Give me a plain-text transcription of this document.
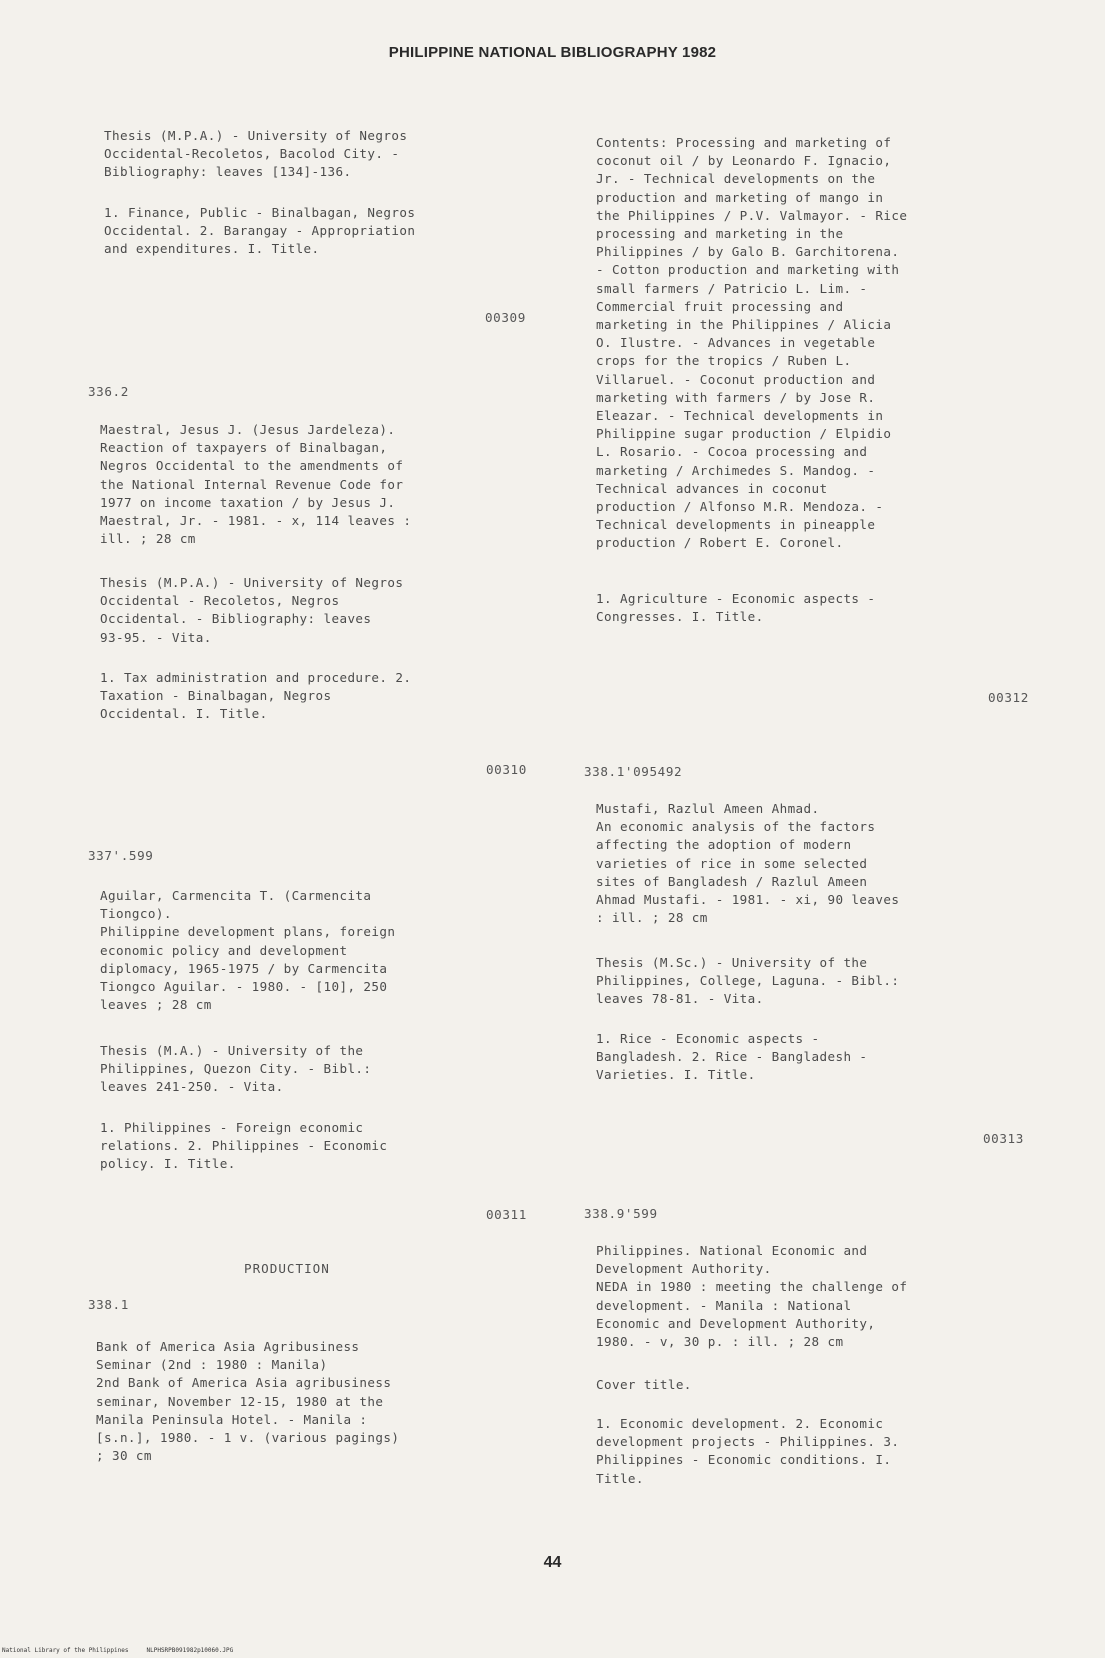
PHILIPPINE NATIONAL BIBLIOGRAPHY 1982
Thesis (M.P.A.) - University of Negros
Occidental-Recoletos, Bacolod City. -
Bibliography: leaves [134]-136.
1. Finance, Public - Binalbagan, Negros
Occidental. 2. Barangay - Appropriation
and expenditures. I. Title.
00309
336.2
Maestral, Jesus J. (Jesus Jardeleza).
Reaction of taxpayers of Binalbagan,
Negros Occidental to the amendments of
the National Internal Revenue Code for
1977 on income taxation / by Jesus J.
Maestral, Jr. - 1981. - x, 114 leaves :
ill. ; 28 cm
Thesis (M.P.A.) - University of Negros
Occidental - Recoletos, Negros
Occidental. - Bibliography: leaves
93-95. - Vita.
1. Tax administration and procedure. 2.
Taxation - Binalbagan, Negros
Occidental. I. Title.
00310
337'.599
Aguilar, Carmencita T. (Carmencita
Tiongco).
Philippine development plans, foreign
economic policy and development
diplomacy, 1965-1975 / by Carmencita
Tiongco Aguilar. - 1980. - [10], 250
leaves ; 28 cm
Thesis (M.A.) - University of the
Philippines, Quezon City. - Bibl.:
leaves 241-250. - Vita.
1. Philippines - Foreign economic
relations. 2. Philippines - Economic
policy. I. Title.
00311
PRODUCTION
338.1
Bank of America Asia Agribusiness
Seminar (2nd : 1980 : Manila)
2nd Bank of America Asia agribusiness
seminar, November 12-15, 1980 at the
Manila Peninsula Hotel. - Manila :
[s.n.], 1980. - 1 v. (various pagings)
; 30 cm
Contents: Processing and marketing of
coconut oil / by Leonardo F. Ignacio,
Jr. - Technical developments on the
production and marketing of mango in
the Philippines / P.V. Valmayor. - Rice
processing and marketing in the
Philippines / by Galo B. Garchitorena.
- Cotton production and marketing with
small farmers / Patricio L. Lim. -
Commercial fruit processing and
marketing in the Philippines / Alicia
O. Ilustre. - Advances in vegetable
crops for the tropics / Ruben L.
Villaruel. - Coconut production and
marketing with farmers / by Jose R.
Eleazar. - Technical developments in
Philippine sugar production / Elpidio
L. Rosario. - Cocoa processing and
marketing / Archimedes S. Mandog. -
Technical advances in coconut
production / Alfonso M.R. Mendoza. -
Technical developments in pineapple
production / Robert E. Coronel.
1. Agriculture - Economic aspects -
Congresses. I. Title.
00312
338.1'095492
Mustafi, Razlul Ameen Ahmad.
An economic analysis of the factors
affecting the adoption of modern
varieties of rice in some selected
sites of Bangladesh / Razlul Ameen
Ahmad Mustafi. - 1981. - xi, 90 leaves
: ill. ; 28 cm
Thesis (M.Sc.) - University of the
Philippines, College, Laguna. - Bibl.:
leaves 78-81. - Vita.
1. Rice - Economic aspects -
Bangladesh. 2. Rice - Bangladesh -
Varieties. I. Title.
00313
338.9'599
Philippines. National Economic and
Development Authority.
NEDA in 1980 : meeting the challenge of
development. - Manila : National
Economic and Development Authority,
1980. - v, 30 p. : ill. ; 28 cm
Cover title.
1. Economic development. 2. Economic
development projects - Philippines. 3.
Philippines - Economic conditions. I.
Title.
44
National Library of the Philippines     NLPHSRPB091982p10060.JPG
